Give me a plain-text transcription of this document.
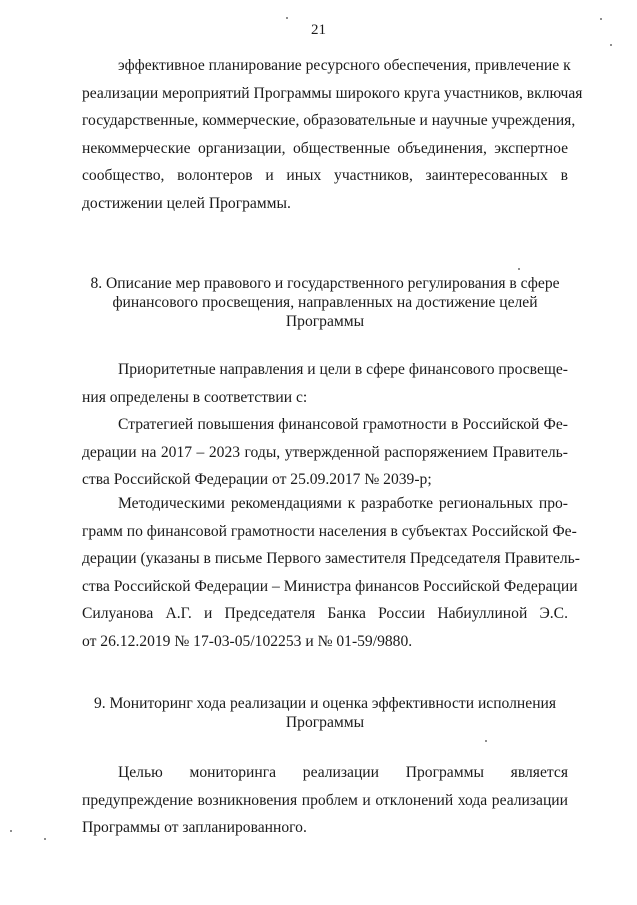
21
эффективное планирование ресурсного обеспечения, привлечение к
реализации мероприятий Программы широкого круга участников, включая
государственные, коммерческие, образовательные и научные учреждения,
некоммерческие организации, общественные объединения, экспертное
сообщество, волонтеров и иных участников, заинтересованных в
достижении целей Программы.
8. Описание мер правового и государственного регулирования в сфере
финансового просвещения, направленных на достижение целей
Программы
Приоритетные направления и цели в сфере финансового просвеще-
ния определены в соответствии с:
Стратегией повышения финансовой грамотности в Российской Фе-
дерации на 2017 – 2023 годы, утвержденной распоряжением Правитель-
ства Российской Федерации от 25.09.2017 № 2039-р;
Методическими рекомендациями к разработке региональных про-
грамм по финансовой грамотности населения в субъектах Российской Фе-
дерации (указаны в письме Первого заместителя Председателя Правитель-
ства Российской Федерации – Министра финансов Российской Федерации
Силуанова А.Г. и Председателя Банка России Набиуллиной Э.С.
от 26.12.2019 № 17-03-05/102253 и № 01-59/9880.
9. Мониторинг хода реализации и оценка эффективности исполнения
Программы
Целью мониторинга реализации Программы является
предупреждение возникновения проблем и отклонений хода реализации
Программы от запланированного.
